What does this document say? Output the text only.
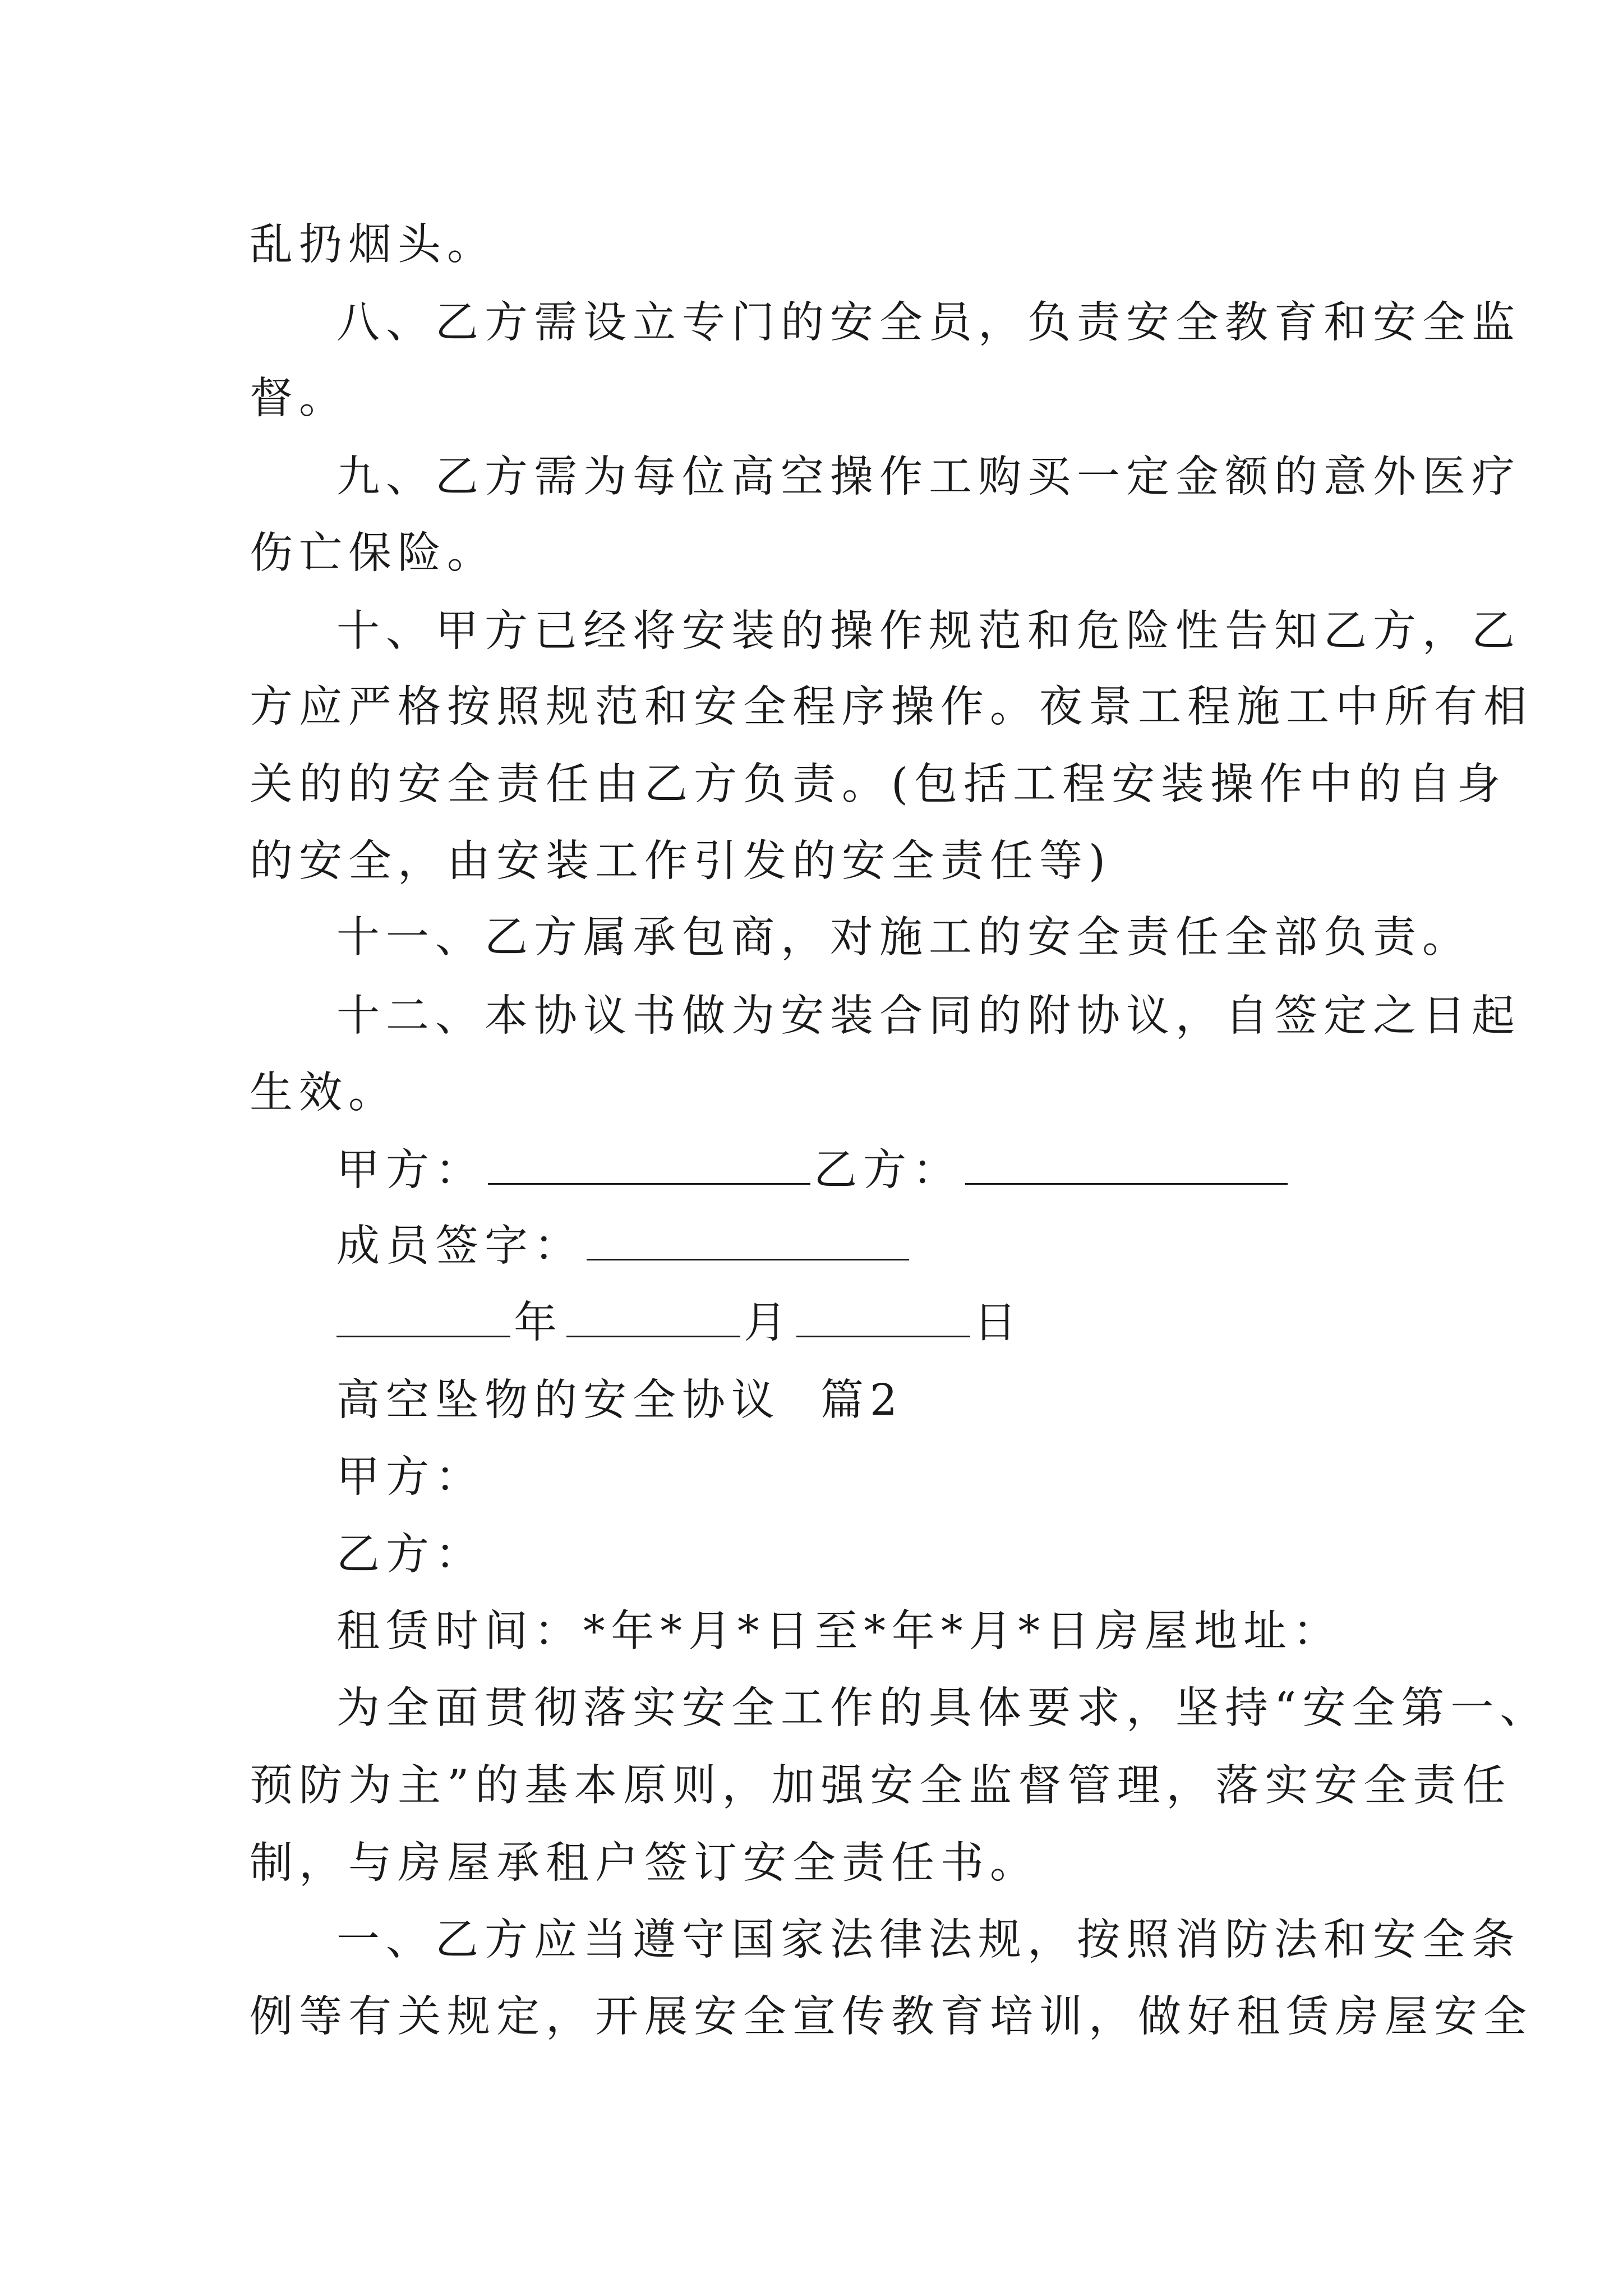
乱扔烟头。
八、乙方需设立专门的安全员，负责安全教育和安全监
督。
九、乙方需为每位高空操作工购买一定金额的意外医疗
伤亡保险。
十、甲方已经将安装的操作规范和危险性告知乙方，乙
方应严格按照规范和安全程序操作。夜景工程施工中所有相
关的的安全责任由乙方负责。(包括工程安装操作中的自身
的安全，由安装工作引发的安全责任等)
十一、乙方属承包商，对施工的安全责任全部负责。
十二、本协议书做为安装合同的附协议，自签定之日起
生效。
甲方：	乙方：
成员签字：
年	月	日
高空坠物的安全协议  篇2
甲方：
乙方：
租赁时间：*年*月*日至*年*月*日房屋地址：
为全面贯彻落实安全工作的具体要求，坚持“安全第一、
预防为主”的基本原则，加强安全监督管理，落实安全责任
制，与房屋承租户签订安全责任书。
一、乙方应当遵守国家法律法规，按照消防法和安全条
例等有关规定，开展安全宣传教育培训，做好租赁房屋安全
